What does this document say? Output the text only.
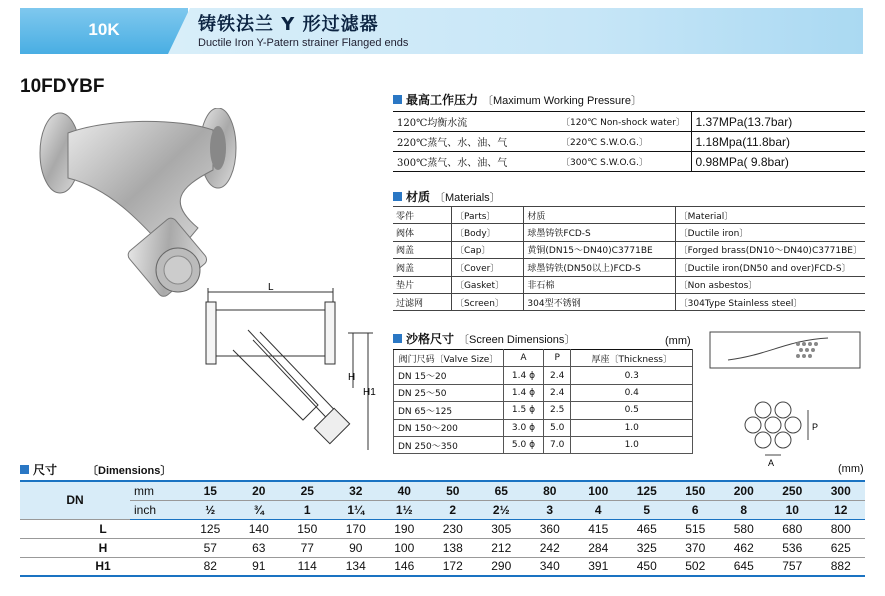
10K	铸铁法兰 Y 形过滤器
Ductile Iron Y-Patern strainer Flanged ends
10FDYBF
L
H
H1
最高工作压力 〔Maximum Working Pressure〕
120℃均衡水流	〔120℃ Non-shock water〕	1.37MPa(13.7bar)
220℃蒸气、水、油、气	〔220℃ S.W.O.G.〕	1.18Mpa(11.8bar)
300℃蒸气、水、油、气	〔300℃ S.W.O.G.〕	0.98MPa( 9.8bar)
材质 〔Materials〕
零件	〔Parts〕	材质	〔Material〕
阀体	〔Body〕	球墨铸铁FCD-S	〔Ductile iron〕
阀盖	〔Cap〕	黄铜(DN15～DN40)C3771BE	〔Forged brass(DN10～DN40)C3771BE〕
阀盖	〔Cover〕	球墨铸铁(DN50以上)FCD-S	〔Ductile iron(DN50 and over)FCD-S〕
垫片	〔Gasket〕	非石棉	〔Non asbestos〕
过滤网	〔Screen〕	304型不锈钢	〔304Type Stainless steel〕
沙格尺寸 〔Screen Dimensions〕	(mm)
阀门尺码〔Valve Size〕	A	P	厚座〔Thickness〕
DN 15～20	1.4 ϕ	2.4	0.3
DN 25～50	1.4 ϕ	2.4	0.4
DN 65～125	1.5 ϕ	2.5	0.5
DN 150～200	3.0 ϕ	5.0	1.0
DN 250～350	5.0 ϕ	7.0	1.0
P
A
尺寸	〔Dimensions〕	(mm)
DN	mm	15	20	25	32	40	50	65	80	100	125	150	200	250	300
	inch	½	¾	1	1¼	1½	2	2½	3	4	5	6	8	10	12
L		125	140	150	170	190	230	305	360	415	465	515	580	680	800
H		57	63	77	90	100	138	212	242	284	325	370	462	536	625
H1		82	91	114	134	146	172	290	340	391	450	502	645	757	882
